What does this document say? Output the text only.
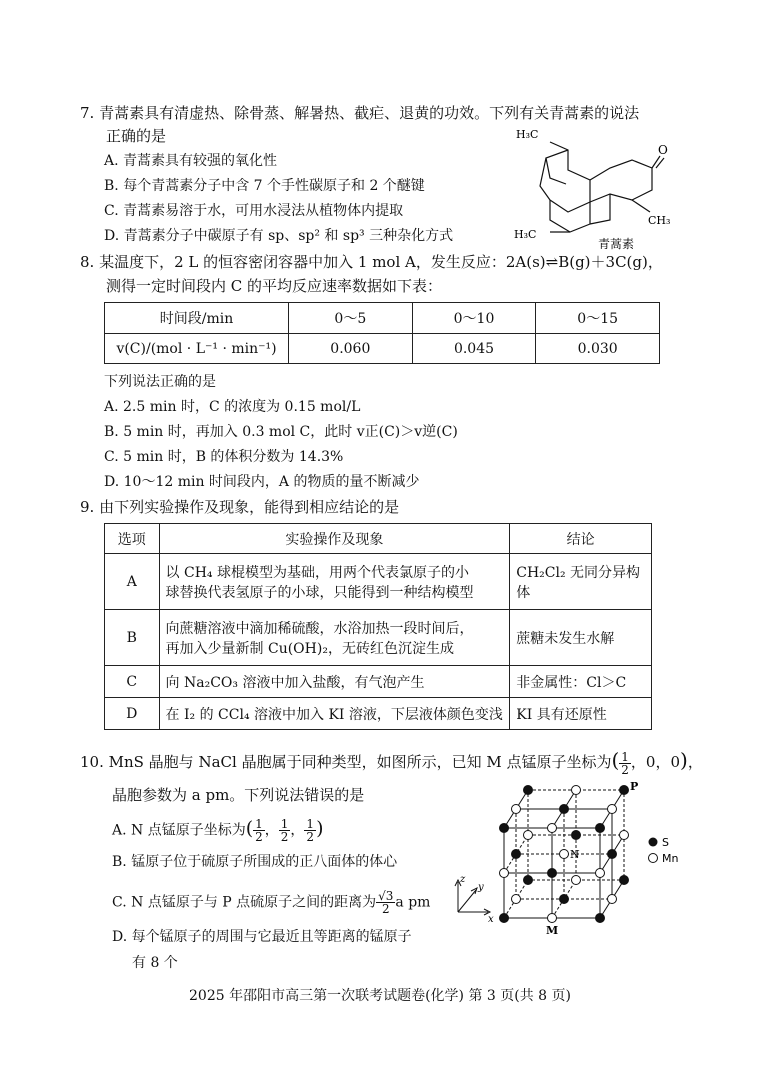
7. 青蒿素具有清虚热、除骨蒸、解暑热、截疟、退黄的功效。下列有关青蒿素的说法
正确的是
A. 青蒿素具有较强的氧化性
B. 每个青蒿素分子中含 7 个手性碳原子和 2 个醚键
C. 青蒿素易溶于水，可用水浸法从植物体内提取
D. 青蒿素分子中碳原子有 sp、sp² 和 sp³ 三种杂化方式
H₃C
O
CH₃
H₃C
青蒿素
8. 某温度下，2 L 的恒容密闭容器中加入 1 mol A，发生反应：2A(s)⇌B(g)＋3C(g)，
测得一定时间段内 C 的平均反应速率数据如下表：
时间段/min	0～5	0～10	0～15
v(C)/(mol · L⁻¹ · min⁻¹)	0.060	0.045	0.030
下列说法正确的是
A. 2.5 min 时，C 的浓度为 0.15 mol/L
B. 5 min 时，再加入 0.3 mol C，此时 v正(C)＞v逆(C)
C. 5 min 时，B 的体积分数为 14.3%
D. 10～12 min 时间段内，A 的物质的量不断减少
9. 由下列实验操作及现象，能得到相应结论的是
选项	实验操作及现象	结论
A	以 CH₄ 球棍模型为基础，用两个代表氯原子的小
球替换代表氢原子的小球，只能得到一种结构模型	CH₂Cl₂ 无同分异构体
B	向蔗糖溶液中滴加稀硫酸，水浴加热一段时间后，
再加入少量新制 Cu(OH)₂，无砖红色沉淀生成	蔗糖未发生水解
C	向 Na₂CO₃ 溶液中加入盐酸，有气泡产生	非金属性：Cl＞C
D	在 I₂ 的 CCl₄ 溶液中加入 KI 溶液，下层液体颜色变浅	KI 具有还原性
10. MnS 晶胞与 NaCl 晶胞属于同种类型，如图所示，已知 M 点锰原子坐标为( $\frac{1}{2}$ ，0，0)，
晶胞参数为 a pm。下列说法错误的是
A. N 点锰原子坐标为( $\frac{1}{2}$ ， $\frac{1}{2}$ ， $\frac{1}{2}$ )
B. 锰原子位于硫原子所围成的正八面体的体心
C. N 点锰原子与 P 点硫原子之间的距离为 $\frac{√3}{2}$ a pm
D. 每个锰原子的周围与它最近且等距离的锰原子
有 8 个
P
N
M
z
y
x
S
Mn
2025 年邵阳市高三第一次联考试题卷(化学) 第 3 页(共 8 页)
